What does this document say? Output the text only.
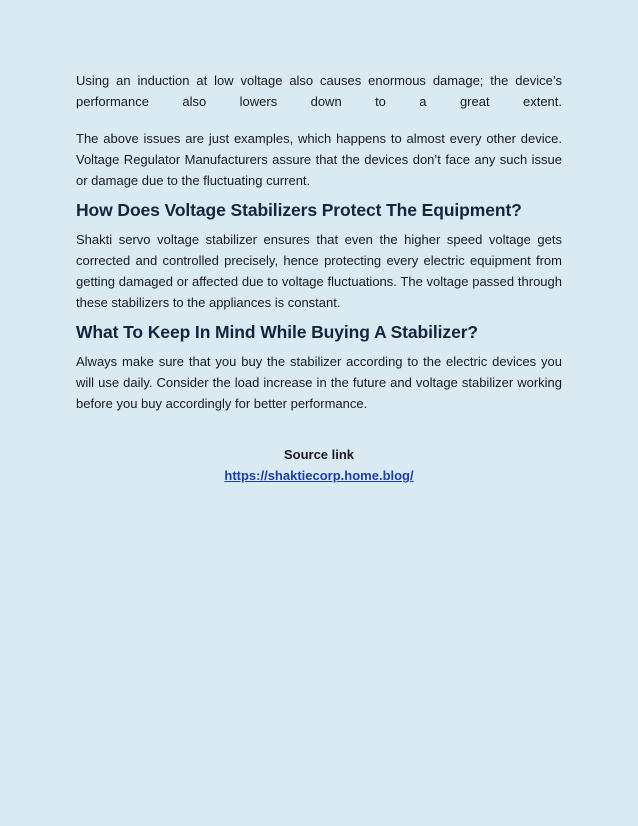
Using an induction at low voltage also causes enormous damage; the device’s

performance also lowers down to a great extent.

The above issues are just examples, which happens to almost every other device. Voltage Regulator Manufacturers assure that the devices don’t face any such issue or damage due to the fluctuating current.

How Does Voltage Stabilizers Protect The Equipment?

Shakti servo voltage stabilizer ensures that even the higher speed voltage gets corrected and controlled precisely, hence protecting every electric equipment from getting damaged or affected due to voltage fluctuations. The voltage passed through these stabilizers to the appliances is constant.

What To Keep In Mind While Buying A Stabilizer?

Always make sure that you buy the stabilizer according to the electric devices you will use daily. Consider the load increase in the future and voltage stabilizer working before you buy accordingly for better performance.

Source link
https://shaktiecorp.home.blog/
